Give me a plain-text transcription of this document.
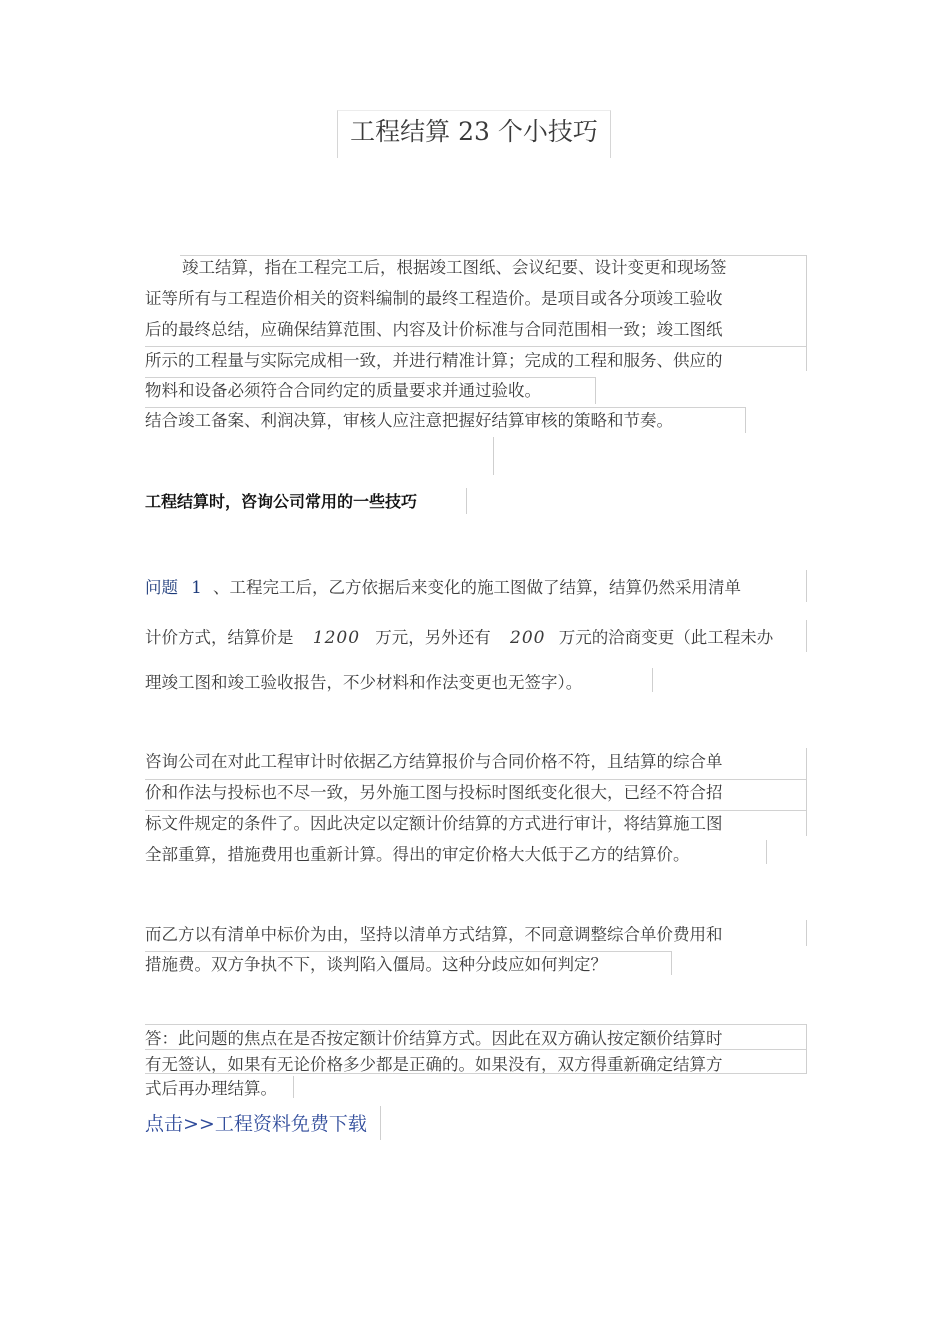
工程结算 23 个小技巧
竣工结算，指在工程完工后，根据竣工图纸、会议纪要、设计变更和现场签
证等所有与工程造价相关的资料编制的最终工程造价。是项目或各分项竣工验收
后的最终总结，应确保结算范围、内容及计价标准与合同范围相一致；竣工图纸
所示的工程量与实际完成相一致，并进行精准计算；完成的工程和服务、供应的
物料和设备必须符合合同约定的质量要求并通过验收。
结合竣工备案、利润决算，审核人应注意把握好结算审核的策略和节奏。
工程结算时，咨询公司常用的一些技巧
问题 1 、工程完工后，乙方依据后来变化的施工图做了结算，结算仍然采用清单
计价方式，结算价是 1200 万元，另外还有 200 万元的洽商变更（此工程未办
理竣工图和竣工验收报告，不少材料和作法变更也无签字）。
咨询公司在对此工程审计时依据乙方结算报价与合同价格不符，且结算的综合单
价和作法与投标也不尽一致，另外施工图与投标时图纸变化很大，已经不符合招
标文件规定的条件了。因此决定以定额计价结算的方式进行审计，将结算施工图
全部重算，措施费用也重新计算。得出的审定价格大大低于乙方的结算价。
而乙方以有清单中标价为由，坚持以清单方式结算，不同意调整综合单价费用和
措施费。双方争执不下，谈判陷入僵局。这种分歧应如何判定？
答：此问题的焦点在是否按定额计价结算方式。因此在双方确认按定额价结算时
有无签认，如果有无论价格多少都是正确的。如果没有，双方得重新确定结算方
式后再办理结算。
点击>>工程资料免费下载
